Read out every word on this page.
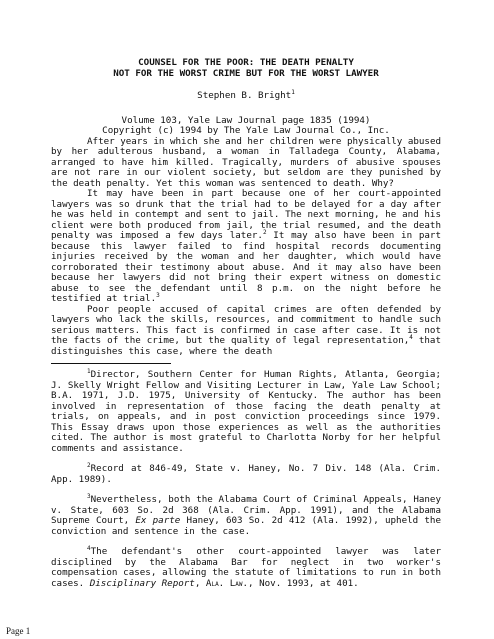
COUNSEL FOR THE POOR: THE DEATH PENALTY
NOT FOR THE WORST CRIME BUT FOR THE WORST LAWYER
Stephen B. Bright$^1$
Volume 103, Yale Law Journal page 1835 (1994)
Copyright (c) 1994 by The Yale Law Journal Co., Inc.

After years in which she and her children were physically abused by her adulterous husband, a woman in Talladega County, Alabama, arranged to have him killed. Tragically, murders of abusive spouses are not rare in our violent society, but seldom are they punished by the death penalty. Yet this woman was sentenced to death. Why?

It may have been in part because one of her court-appointed lawyers was so drunk that the trial had to be delayed for a day after he was held in contempt and sent to jail. The next morning, he and his client were both produced from jail, the trial resumed, and the death penalty was imposed a few days later.$^2$ It may also have been in part because this lawyer failed to find hospital records documenting injuries received by the woman and her daughter, which would have corroborated their testimony about abuse. And it may also have been because her lawyers did not bring their expert witness on domestic abuse to see the defendant until 8 p.m. on the night before he testified at trial.$^3$

Poor people accused of capital crimes are often defended by lawyers who lack the skills, resources, and commitment to handle such serious matters. This fact is confirmed in case after case. It is not the facts of the crime, but the quality of legal representation,$^4$ that distinguishes this case, where the death

$^1$Director, Southern Center for Human Rights, Atlanta, Georgia; J. Skelly Wright Fellow and Visiting Lecturer in Law, Yale Law School; B.A. 1971, J.D. 1975, University of Kentucky. The author has been involved in representation of those facing the death penalty at trials, on appeals, and in post conviction proceedings since 1979. This Essay draws upon those experiences as well as the authorities cited. The author is most grateful to Charlotta Norby for her helpful comments and assistance.

$^2$Record at 846-49, State v. Haney, No. 7 Div. 148 (Ala. Crim. App. 1989).

$^3$Nevertheless, both the Alabama Court of Criminal Appeals, Haney v. State, 603 So. 2d 368 (Ala. Crim. App. 1991), and the Alabama Supreme Court, Ex parte Haney, 603 So. 2d 412 (Ala. 1992), upheld the conviction and sentence in the case.

$^4$The defendant's other court-appointed lawyer was later disciplined by the Alabama Bar for neglect in two worker's compensation cases, allowing the statute of limitations to run in both cases. Disciplinary Report, Ala. Law., Nov. 1993, at 401.

Page 1
